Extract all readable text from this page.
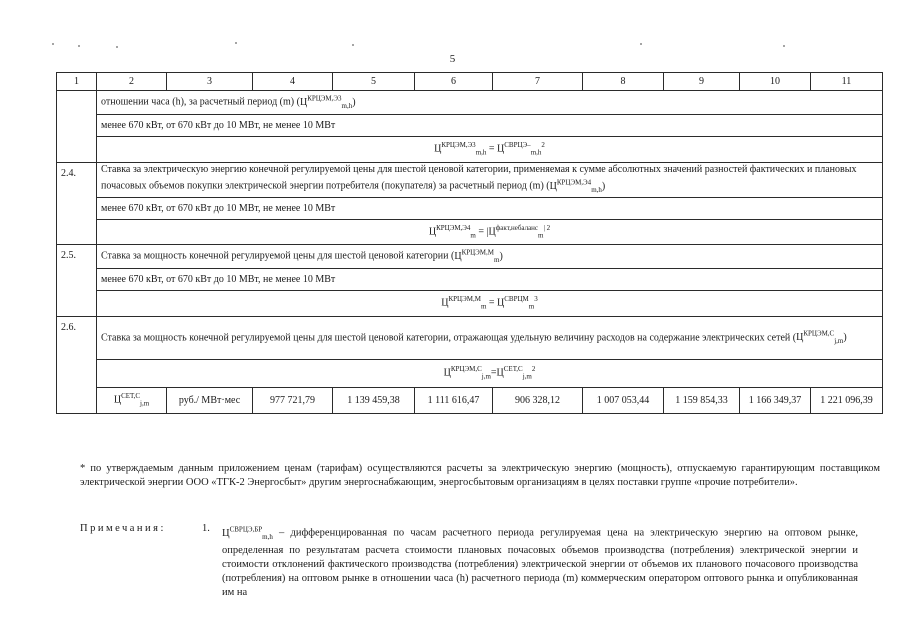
5
1	2	3	4	5	6	7	8	9	10	11
	отношении часа (h), за расчетный период (m) $(Ц^{КРЦЭМ,Э3}_{m,h})$									
	менее 670 кВт, от 670 кВт до 10 МВт, не менее 10 МВт									
	$Ц^{КРЦЭМ,Э3}_{m,h} = Ц^{СВРЦЭ-}_{m,h}^2$
2.4.	Ставка за электрическую энергию конечной регулируемой цены для шестой ценовой категории, применяемая к сумме абсолютных значений разностей фактических и плановых почасовых объемов покупки электрической энергии потребителя (покупателя) за расчетный период (m) $(Ц^{КРЦЭМ,Э4}_{m,h})$									
	менее 670 кВт, от 670 кВт до 10 МВт, не менее 10 МВт									
	$Ц^{КРЦЭМ,Э4}_m = |Ц^{факт,небаланс}_m^{| 2}$
2.5.	Ставка за мощность конечной регулируемой цены для шестой ценовой категории $(Ц^{КРЦЭМ,М}_m)$									
	менее 670 кВт, от 670 кВт до 10 МВт, не менее 10 МВт									
	$Ц^{КРЦЭМ,М}_m = Ц^{СВРЦМ}_m^3$
2.6.	Ставка за мощность конечной регулируемой цены для шестой ценовой категории, отражающая удельную величину расходов на содержание электрических сетей $(Ц^{КРЦЭМ,С}_{j,m})$									
	$Ц^{КРЦЭМ,С}_{j,m}=Ц^{СЕТ,С}_{j,m}^2$
	$Ц^{СЕТ,С}_{j,m}$	руб./ МВт·мес	977 721,79	1 139 459,38	1 111 616,47	906 328,12	1 007 053,44	1 159 854,33	1 166 349,37	1 221 096,39
* по утверждаемым данным приложением ценам (тарифам) осуществляются расчеты за электрическую энергию (мощность), отпускаемую гарантирующим поставщиком электрической энергии ООО «ТГК-2 Энергосбыт» другим энергоснабжающим, энергосбытовым организациям в целях поставки группе «прочие потребители».
Примечания:	1. $Ц^{СВРЦЭ,БР}_{m,h}$ – дифференцированная по часам расчетного периода регулируемая цена на электрическую энергию на оптовом рынке, определенная по результатам расчета стоимости плановых почасовых объемов производства (потребления) электрической энергии и стоимости отклонений фактического производства (потребления) электрической энергии от объемов их планового почасового производства (потребления) на оптовом рынке в отношении часа (h) расчетного периода (m) коммерческим оператором оптового рынка и опубликованная им на
